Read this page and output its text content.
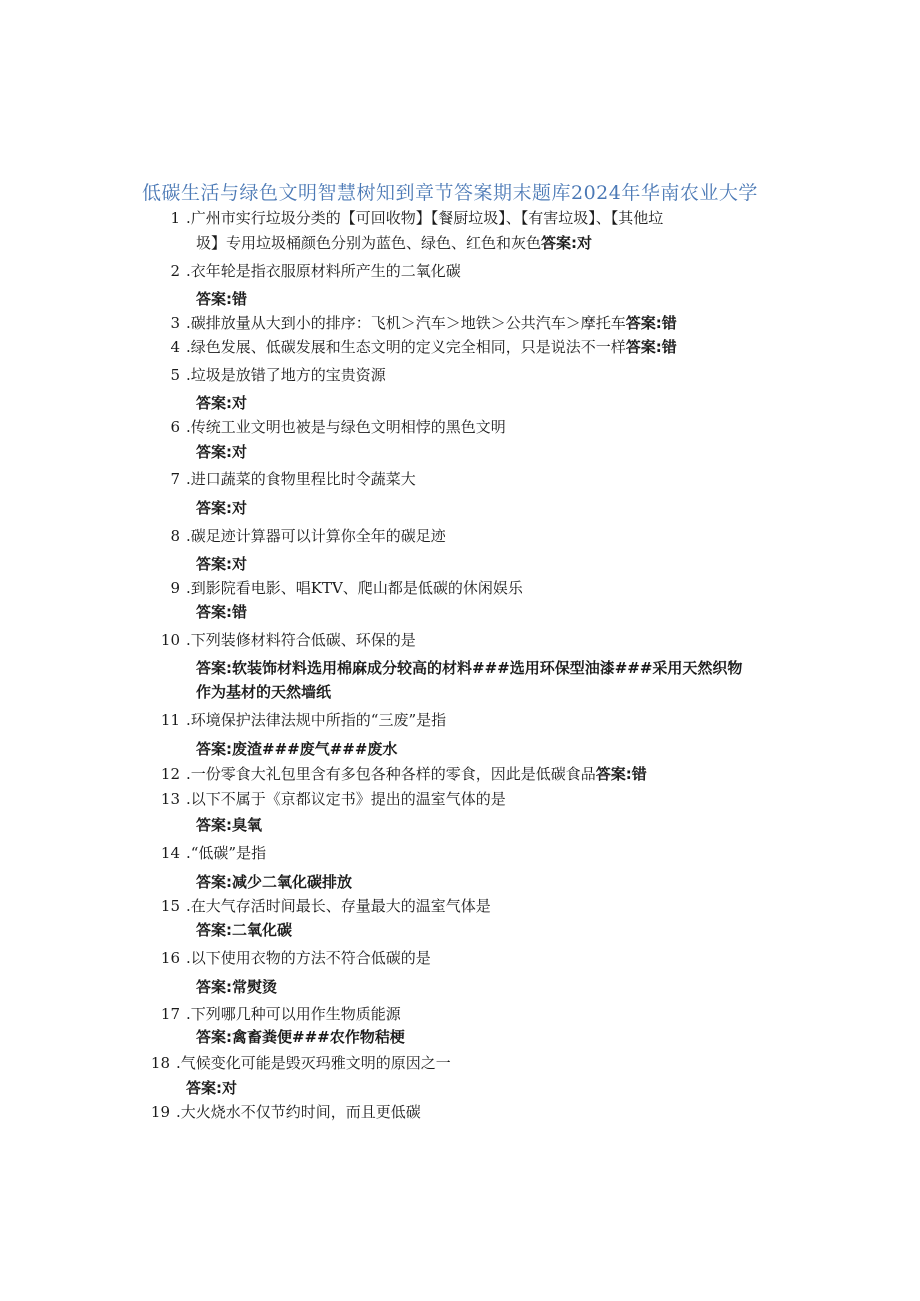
低碳生活与绿色文明智慧树知到章节答案期末题库2024年华南农业大学
1 .广州市实行垃圾分类的【可回收物】【餐厨垃圾】、【有害垃圾】、【其他垃
圾】专用垃圾桶颜色分别为蓝色、绿色、红色和灰色答案:对
2 .衣年轮是指衣服原材料所产生的二氧化碳
答案:错
3 .碳排放量从大到小的排序：飞机＞汽车＞地铁＞公共汽车＞摩托车答案:错
4 .绿色发展、低碳发展和生态文明的定义完全相同，只是说法不一样答案:错
5 .垃圾是放错了地方的宝贵资源
答案:对
6 .传统工业文明也被是与绿色文明相悖的黑色文明
答案:对
7 .进口蔬菜的食物里程比时令蔬菜大
答案:对
8 .碳足迹计算器可以计算你全年的碳足迹
答案:对
9 .到影院看电影、唱KTV、爬山都是低碳的休闲娱乐
答案:错
10 .下列装修材料符合低碳、环保的是
答案:软装饰材料选用棉麻成分较高的材料###选用环保型油漆###采用天然织物
作为基材的天然墙纸
11 .环境保护法律法规中所指的“三废”是指
答案:废渣###废气###废水
12 .一份零食大礼包里含有多包各种各样的零食，因此是低碳食品答案:错
13 .以下不属于《京都议定书》提出的温室气体的是
答案:臭氧
14 .“低碳”是指
答案:减少二氧化碳排放
15 .在大气存活时间最长、存量最大的温室气体是
答案:二氧化碳
16 .以下使用衣物的方法不符合低碳的是
答案:常熨烫
17 .下列哪几种可以用作生物质能源
答案:禽畜粪便###农作物秸梗
18 .气候变化可能是毁灭玛雅文明的原因之一
答案:对
19 .大火烧水不仅节约时间，而且更低碳
